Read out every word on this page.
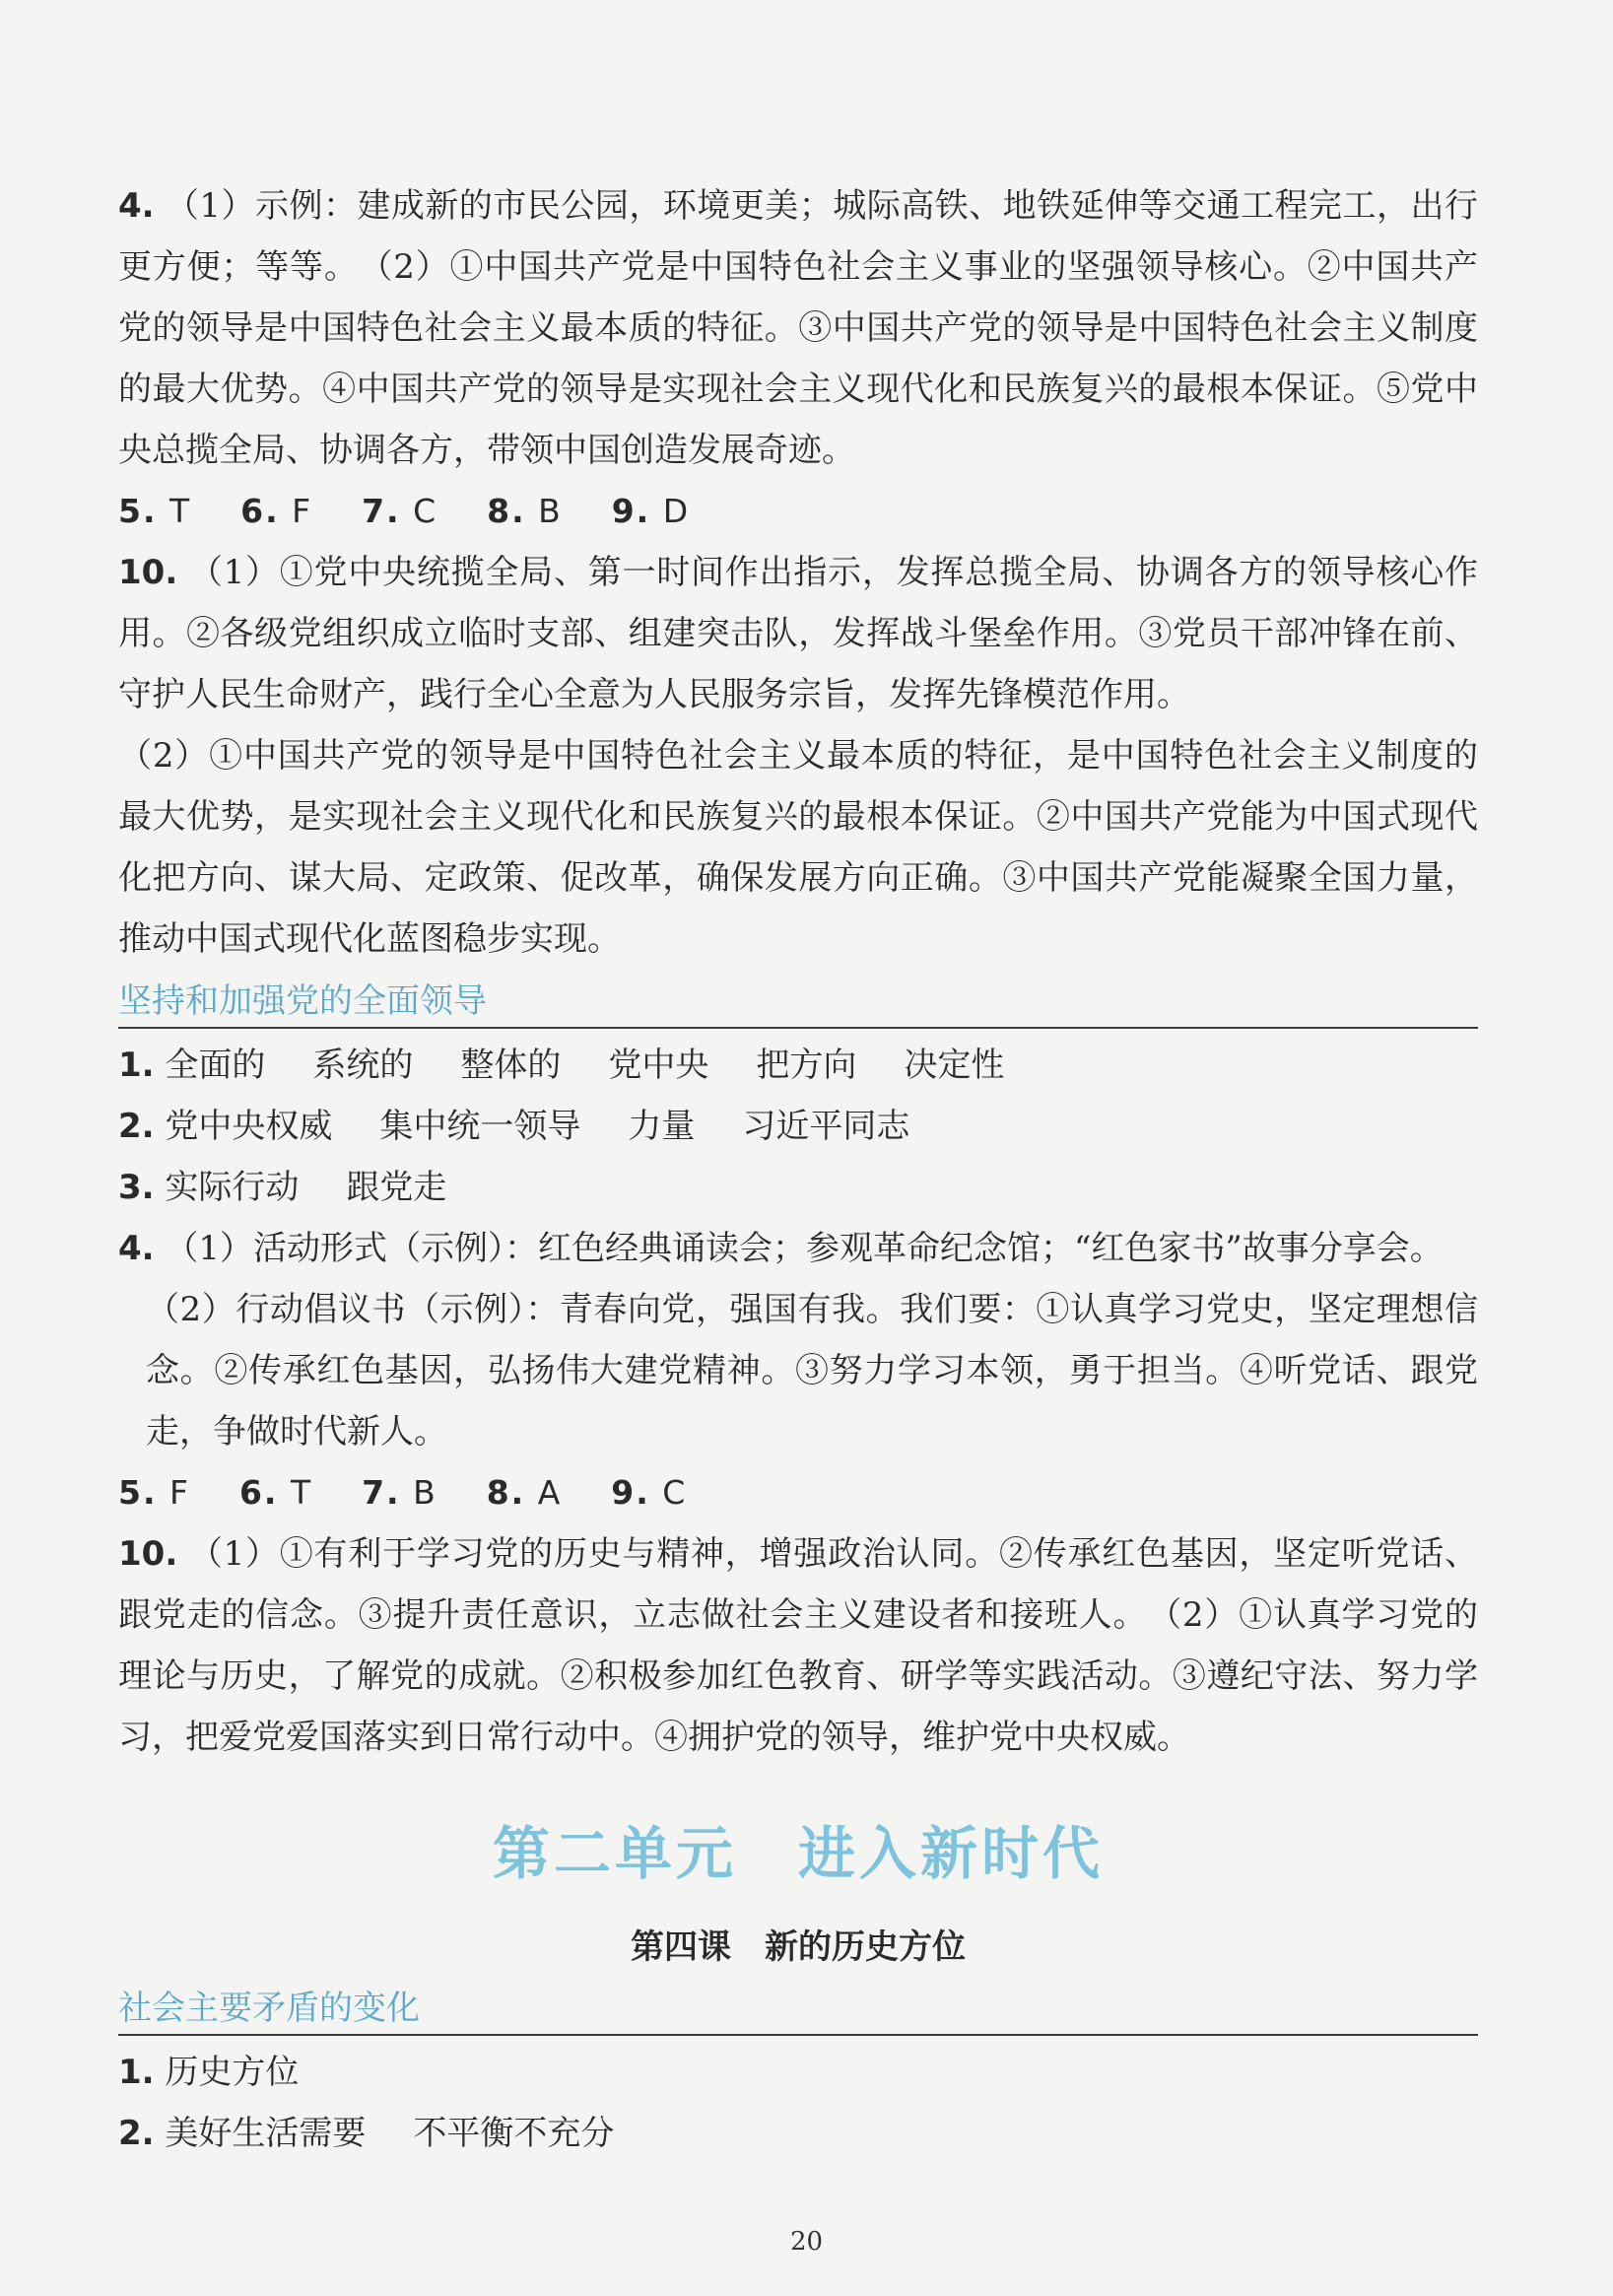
4. （1）示例：建成新的市民公园，环境更美；城际高铁、地铁延伸等交通工程完工，出行更方便；等等。　（2）①中国共产党是中国特色社会主义事业的坚强领导核心。②中国共产党的领导是中国特色社会主义最本质的特征。③中国共产党的领导是中国特色社会主义制度的最大优势。④中国共产党的领导是实现社会主义现代化和民族复兴的最根本保证。⑤党中央总揽全局、协调各方，带领中国创造发展奇迹。

5. T 6. F 7. C 8. B 9. D

10. （1）①党中央统揽全局、第一时间作出指示，发挥总揽全局、协调各方的领导核心作用。②各级党组织成立临时支部、组建突击队，发挥战斗堡垒作用。③党员干部冲锋在前、守护人民生命财产，践行全心全意为人民服务宗旨，发挥先锋模范作用。

（2）①中国共产党的领导是中国特色社会主义最本质的特征，是中国特色社会主义制度的最大优势，是实现社会主义现代化和民族复兴的最根本保证。②中国共产党能为中国式现代化把方向、谋大局、定政策、促改革，确保发展方向正确。③中国共产党能凝聚全国力量，推动中国式现代化蓝图稳步实现。

坚持和加强党的全面领导

1. 全面的 系统的 整体的 党中央 把方向 决定性

2. 党中央权威 集中统一领导 力量 习近平同志

3. 实际行动 跟党走

4. （1）活动形式（示例）：红色经典诵读会；参观革命纪念馆；“红色家书”故事分享会。

（2）行动倡议书（示例）：青春向党，强国有我。我们要：①认真学习党史，坚定理想信念。②传承红色基因，弘扬伟大建党精神。③努力学习本领，勇于担当。④听党话、跟党走，争做时代新人。

5. F 6. T 7. B 8. A 9. C

10. （1）①有利于学习党的历史与精神，增强政治认同。②传承红色基因，坚定听党话、跟党走的信念。③提升责任意识，立志做社会主义建设者和接班人。　（2）①认真学习党的理论与历史，了解党的成就。②积极参加红色教育、研学等实践活动。③遵纪守法、努力学习，把爱党爱国落实到日常行动中。④拥护党的领导，维护党中央权威。

第二单元　进入新时代
第四课　新的历史方位
社会主要矛盾的变化

1. 历史方位

2. 美好生活需要 不平衡不充分

20
